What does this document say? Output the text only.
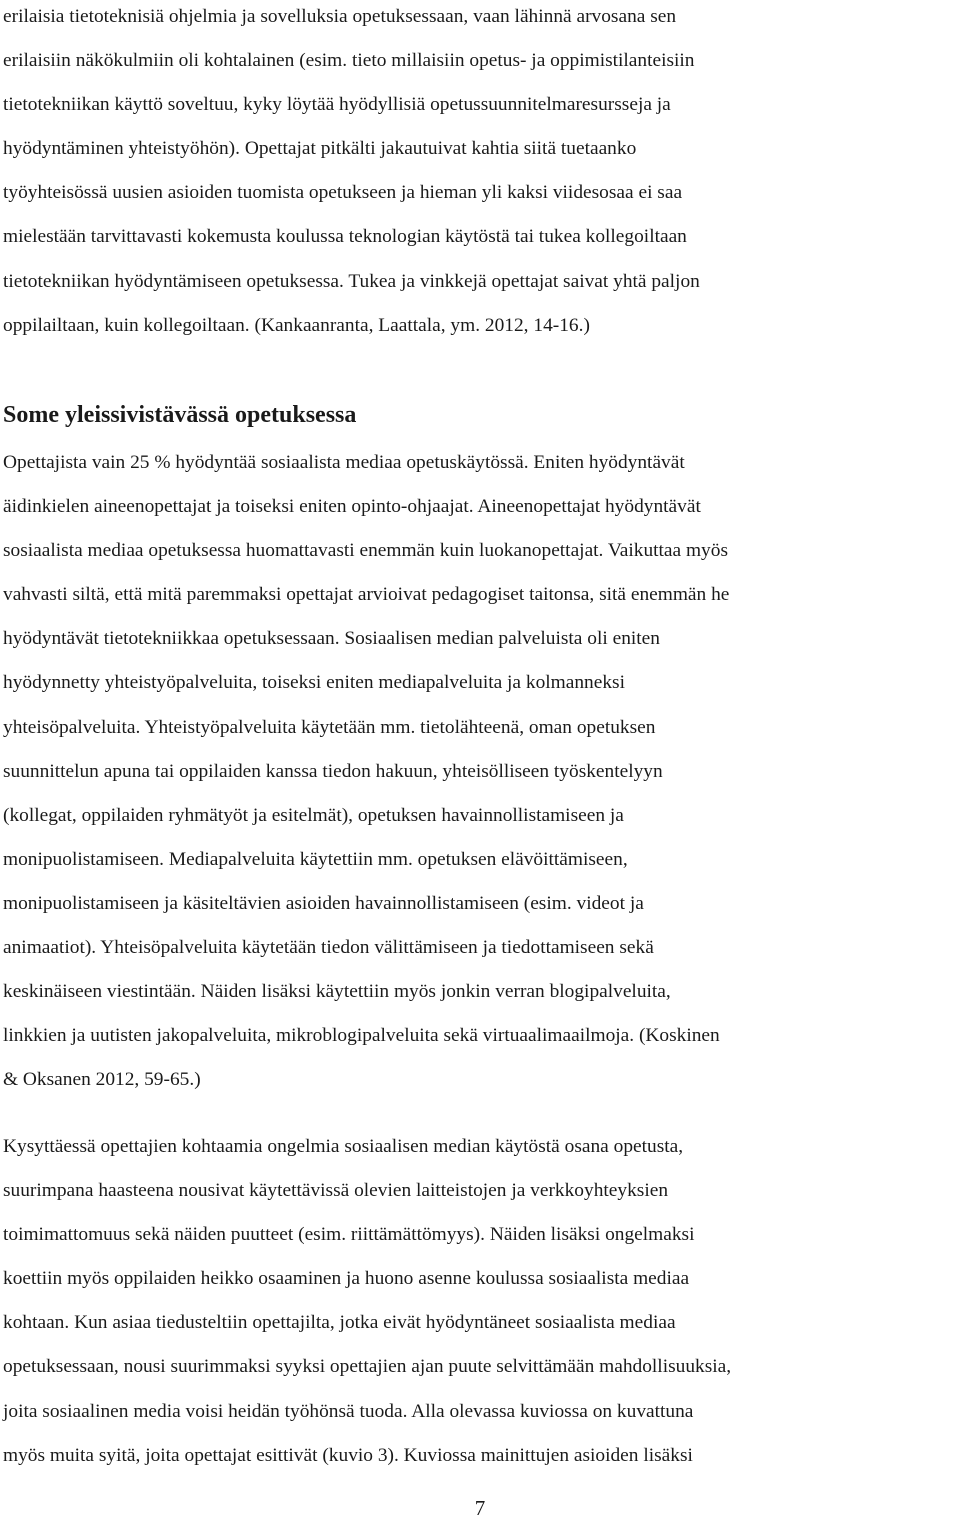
erilaisia tietoteknisiä ohjelmia ja sovelluksia opetuksessaan, vaan lähinnä arvosana sen
erilaisiin näkökulmiin oli kohtalainen (esim. tieto millaisiin opetus- ja oppimistilanteisiin
tietotekniikan käyttö soveltuu, kyky löytää hyödyllisiä opetussuunnitelmaresursseja ja
hyödyntäminen yhteistyöhön). Opettajat pitkälti jakautuivat kahtia siitä tuetaanko
työyhteisössä uusien asioiden tuomista opetukseen ja hieman yli kaksi viidesosaa ei saa
mielestään tarvittavasti kokemusta koulussa teknologian käytöstä tai tukea kollegoiltaan
tietotekniikan hyödyntämiseen opetuksessa. Tukea ja vinkkejä opettajat saivat yhtä paljon
oppilailtaan, kuin kollegoiltaan. (Kankaanranta, Laattala, ym. 2012, 14-16.)
Some yleissivistävässä opetuksessa
Opettajista vain 25 % hyödyntää sosiaalista mediaa opetuskäytössä. Eniten hyödyntävät
äidinkielen aineenopettajat ja toiseksi eniten opinto-ohjaajat. Aineenopettajat hyödyntävät
sosiaalista mediaa opetuksessa huomattavasti enemmän kuin luokanopettajat. Vaikuttaa myös
vahvasti siltä, että mitä paremmaksi opettajat arvioivat pedagogiset taitonsa, sitä enemmän he
hyödyntävät tietotekniikkaa opetuksessaan. Sosiaalisen median palveluista oli eniten
hyödynnetty yhteistyöpalveluita, toiseksi eniten mediapalveluita ja kolmanneksi
yhteisöpalveluita. Yhteistyöpalveluita käytetään mm. tietolähteenä, oman opetuksen
suunnittelun apuna tai oppilaiden kanssa tiedon hakuun, yhteisölliseen työskentelyyn
(kollegat, oppilaiden ryhmätyöt ja esitelmät), opetuksen havainnollistamiseen ja
monipuolistamiseen. Mediapalveluita käytettiin mm. opetuksen elävöittämiseen,
monipuolistamiseen ja käsiteltävien asioiden havainnollistamiseen (esim. videot ja
animaatiot). Yhteisöpalveluita käytetään tiedon välittämiseen ja tiedottamiseen sekä
keskinäiseen viestintään. Näiden lisäksi käytettiin myös jonkin verran blogipalveluita,
linkkien ja uutisten jakopalveluita, mikroblogipalveluita sekä virtuaalimaailmoja. (Koskinen
& Oksanen 2012, 59-65.)
Kysyttäessä opettajien kohtaamia ongelmia sosiaalisen median käytöstä osana opetusta,
suurimpana haasteena nousivat käytettävissä olevien laitteistojen ja verkkoyhteyksien
toimimattomuus sekä näiden puutteet (esim. riittämättömyys). Näiden lisäksi ongelmaksi
koettiin myös oppilaiden heikko osaaminen ja huono asenne koulussa sosiaalista mediaa
kohtaan. Kun asiaa tiedusteltiin opettajilta, jotka eivät hyödyntäneet sosiaalista mediaa
opetuksessaan, nousi suurimmaksi syyksi opettajien ajan puute selvittämään mahdollisuuksia,
joita sosiaalinen media voisi heidän työhönsä tuoda. Alla olevassa kuviossa on kuvattuna
myös muita syitä, joita opettajat esittivät (kuvio 3). Kuviossa mainittujen asioiden lisäksi
7
